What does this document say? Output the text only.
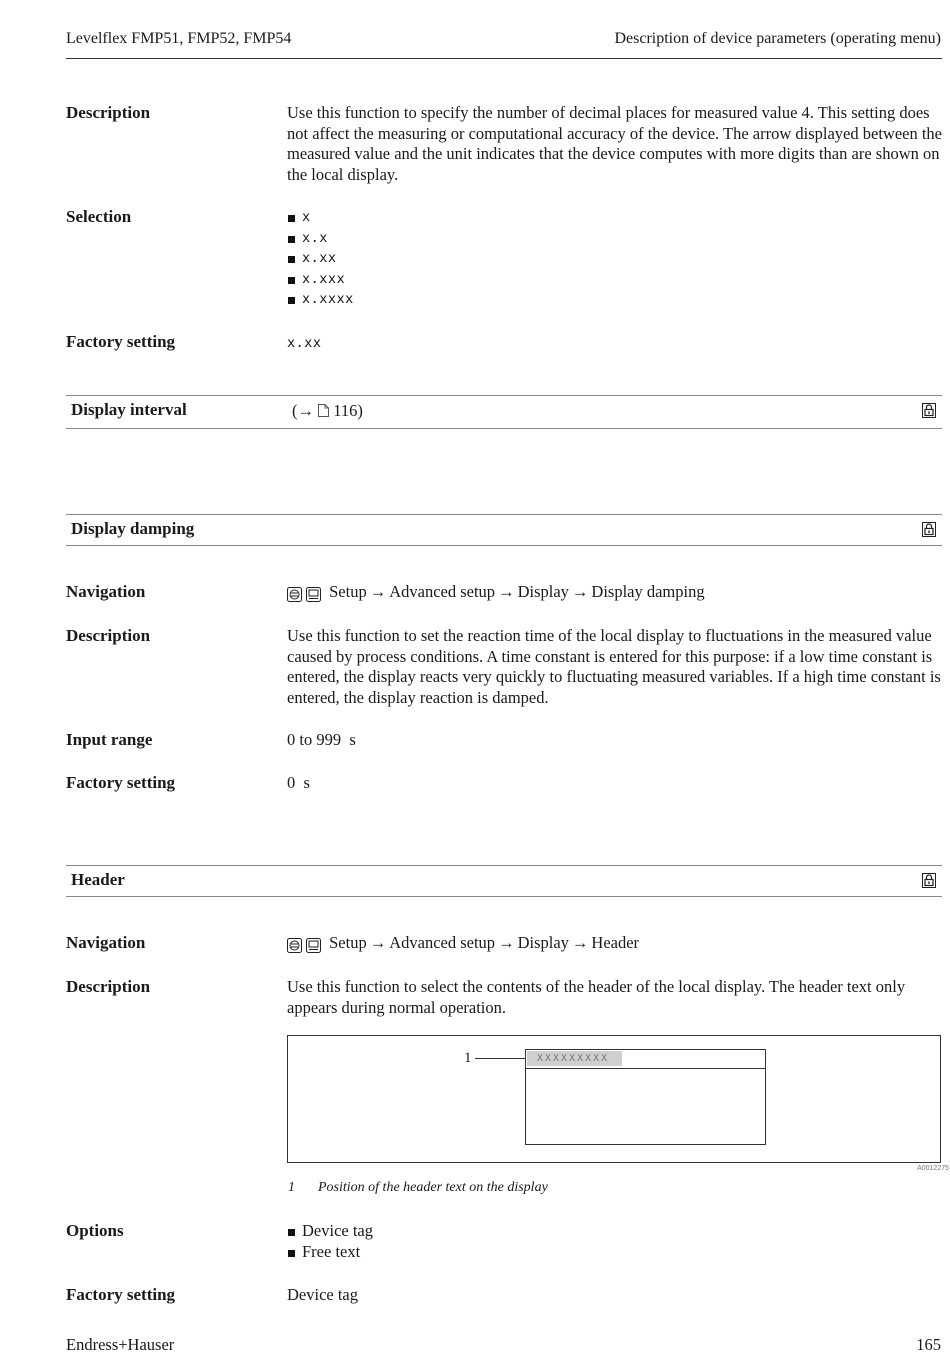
Levelflex FMP51, FMP52, FMP54	Description of device parameters (operating menu)
Description	Use this function to specify the number of decimal places for measured value 4. This setting does not affect the measuring or computational accuracy of the device. The arrow displayed between the measured value and the unit indicates that the device computes with more digits than are shown on the local display.
Selection	x
x.x
x.xx
x.xxx
x.xxxx
Factory setting	x.xx
Display interval	(→  116)
Display damping
Navigation	Setup → Advanced setup → Display → Display damping
Description	Use this function to set the reaction time of the local display to fluctuations in the measured value caused by process conditions. A time constant is entered for this purpose: if a low time constant is entered, the display reacts very quickly to fluctuating measured variables. If a high time constant is entered, the display reaction is damped.
Input range	0 to 999  s
Factory setting	0  s
Header
Navigation	Setup → Advanced setup → Display → Header
Description	Use this function to select the contents of the header of the local display. The header text only appears during normal operation.
1	XXXXXXXXX
A0012275
1 Position of the header text on the display
Options	Device tag
Free text
Factory setting	Device tag
Endress+Hauser	165
